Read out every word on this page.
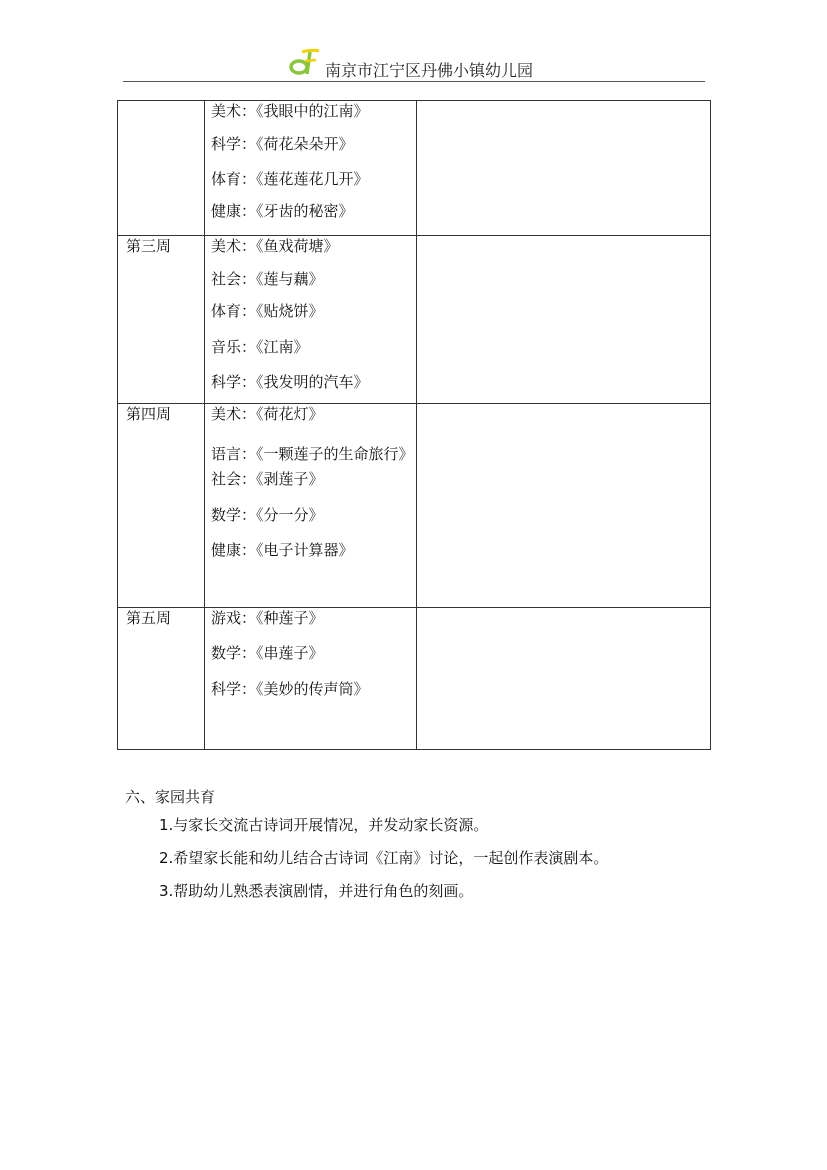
南京市江宁区丹佛小镇幼儿园

	美术：《我眼中的江南》
科学：《荷花朵朵开》
体育：《莲花莲花几开》
健康：《牙齿的秘密》	

第三周	美术：《鱼戏荷塘》
社会：《莲与藕》
体育：《贴烧饼》
音乐：《江南》
科学：《我发明的汽车》	

第四周	美术：《荷花灯》
语言：《一颗莲子的生命旅行》
社会：《剥莲子》
数学：《分一分》
健康：《电子计算器》	

第五周	游戏：《种莲子》
数学：《串莲子》
科学：《美妙的传声筒》	

六、家园共育
1.与家长交流古诗词开展情况，并发动家长资源。
2.希望家长能和幼儿结合古诗词《江南》讨论，一起创作表演剧本。
3.帮助幼儿熟悉表演剧情，并进行角色的刻画。
